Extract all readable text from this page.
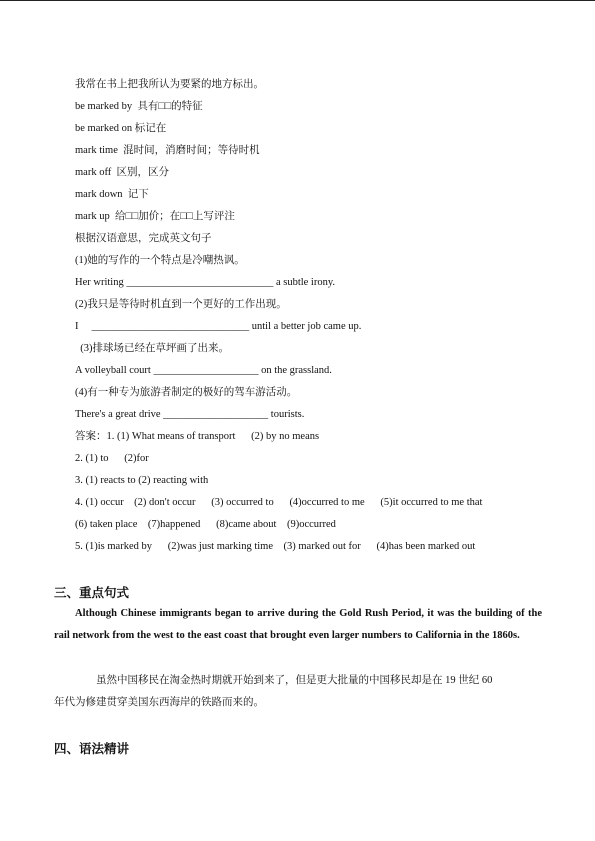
我常在书上把我所认为要紧的地方标出。
be marked by  具有□□的特征
be marked on 标记在
mark time  混时间，消磨时间；等待时机
mark off  区别，区分
mark down  记下
mark up  给□□加价；在□□上写评注
根据汉语意思，完成英文句子
(1)她的写作的一个特点是冷嘲热讽。
Her writing ____________________________ a subtle irony.
(2)我只是等待时机直到一个更好的工作出现。
I     ______________________________ until a better job came up.
(3)排球场已经在草坪画了出来。
A volleyball court ____________________ on the grassland.
(4)有一种专为旅游者制定的极好的驾车游活动。
There's a great drive ____________________ tourists.
答案：1. (1) What means of transport      (2) by no means
2. (1) to      (2)for
3. (1) reacts to (2) reacting with
4. (1) occur    (2) don't occur      (3) occurred to      (4)occurred to me      (5)it occurred to me that
(6) taken place    (7)happened      (8)came about    (9)occurred
5. (1)is marked by      (2)was just marking time    (3) marked out for      (4)has been marked out
三、重点句式
Although Chinese immigrants began to arrive during the Gold Rush Period, it was the building of the rail network from the west to the east coast that brought even larger numbers to California in the 1860s.
虽然中国移民在淘金热时期就开始到来了，但是更大批量的中国移民却是在 19 世纪 60
年代为修建贯穿美国东西海岸的铁路而来的。
四、语法精讲
